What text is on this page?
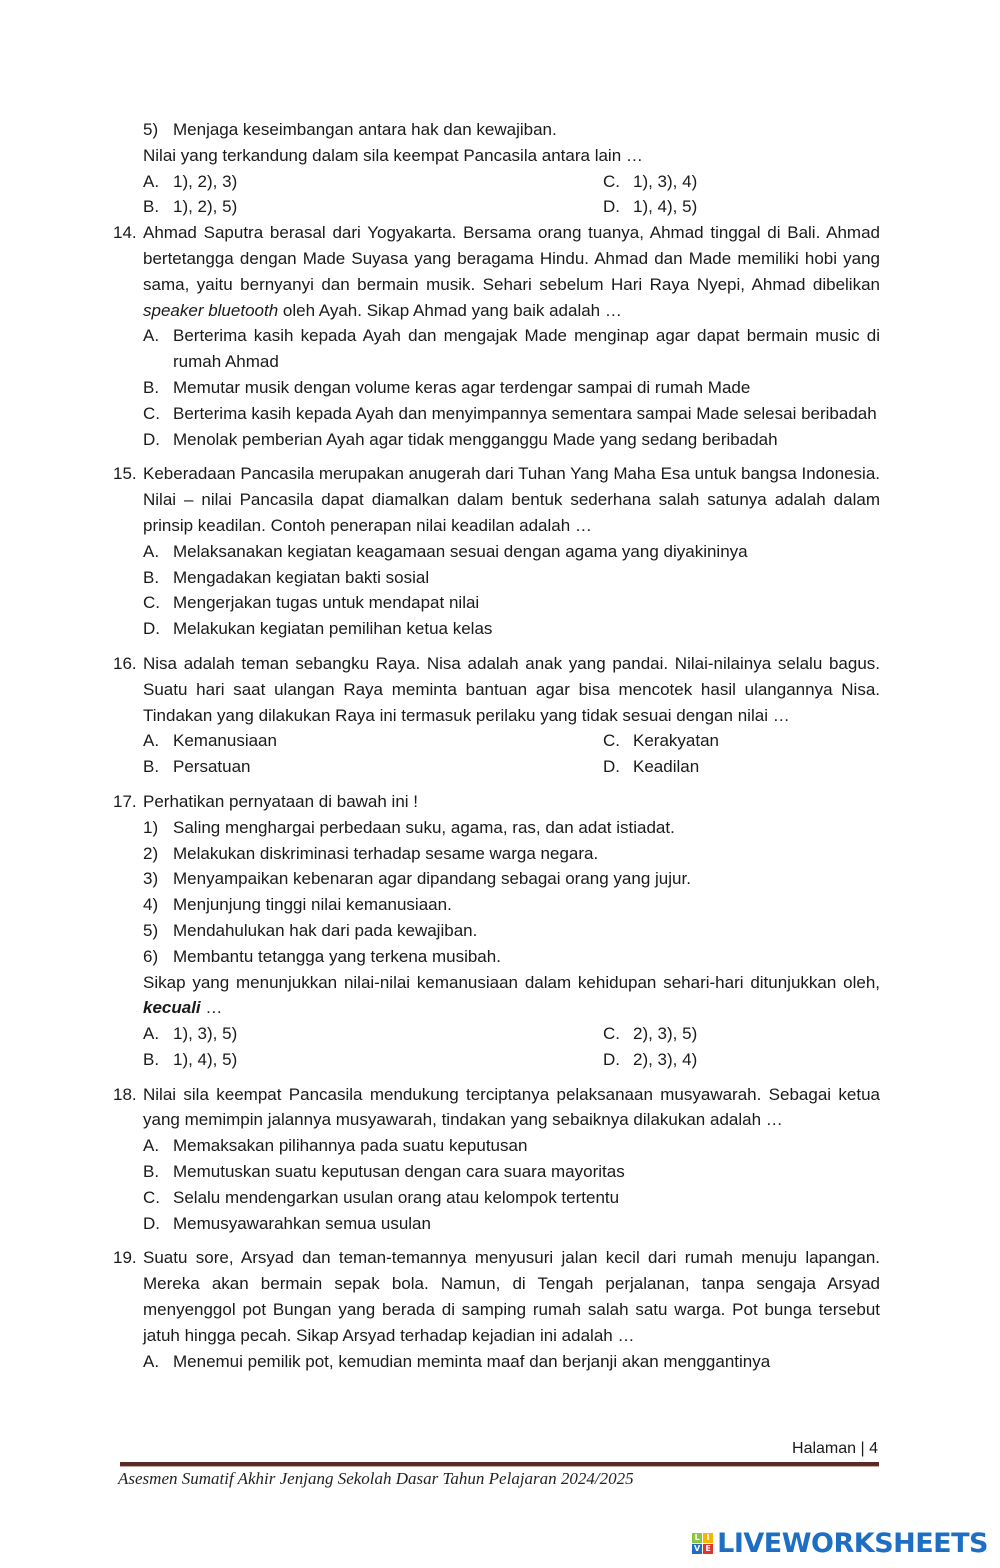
5) Menjaga keseimbangan antara hak dan kewajiban.
Nilai yang terkandung dalam sila keempat Pancasila antara lain …
A. 1), 2), 3)	C. 1), 3), 4)
B. 1), 2), 5)	D. 1), 4), 5)
14. Ahmad Saputra berasal dari Yogyakarta. Bersama orang tuanya, Ahmad tinggal di Bali. Ahmad bertetangga dengan Made Suyasa yang beragama Hindu. Ahmad dan Made memiliki hobi yang sama, yaitu bernyanyi dan bermain musik. Sehari sebelum Hari Raya Nyepi, Ahmad dibelikan speaker bluetooth oleh Ayah. Sikap Ahmad yang baik adalah …
A. Berterima kasih kepada Ayah dan mengajak Made menginap agar dapat bermain music di rumah Ahmad
B. Memutar musik dengan volume keras agar terdengar sampai di rumah Made
C. Berterima kasih kepada Ayah dan menyimpannya sementara sampai Made selesai beribadah
D. Menolak pemberian Ayah agar tidak mengganggu Made yang sedang beribadah
15. Keberadaan Pancasila merupakan anugerah dari Tuhan Yang Maha Esa untuk bangsa Indonesia. Nilai – nilai Pancasila dapat diamalkan dalam bentuk sederhana salah satunya adalah dalam prinsip keadilan. Contoh penerapan nilai keadilan adalah …
A. Melaksanakan kegiatan keagamaan sesuai dengan agama yang diyakininya
B. Mengadakan kegiatan bakti sosial
C. Mengerjakan tugas untuk mendapat nilai
D. Melakukan kegiatan pemilihan ketua kelas
16. Nisa adalah teman sebangku Raya. Nisa adalah anak yang pandai. Nilai-nilainya selalu bagus. Suatu hari saat ulangan Raya meminta bantuan agar bisa mencotek hasil ulangannya Nisa. Tindakan yang dilakukan Raya ini termasuk perilaku yang tidak sesuai dengan nilai …
A. Kemanusiaan	C. Kerakyatan
B. Persatuan	D. Keadilan
17. Perhatikan pernyataan di bawah ini !
1) Saling menghargai perbedaan suku, agama, ras, dan adat istiadat.
2) Melakukan diskriminasi terhadap sesame warga negara.
3) Menyampaikan kebenaran agar dipandang sebagai orang yang jujur.
4) Menjunjung tinggi nilai kemanusiaan.
5) Mendahulukan hak dari pada kewajiban.
6) Membantu tetangga yang terkena musibah.
Sikap yang menunjukkan nilai-nilai kemanusiaan dalam kehidupan sehari-hari ditunjukkan oleh, kecuali …
A. 1), 3), 5)	C. 2), 3), 5)
B. 1), 4), 5)	D. 2), 3), 4)
18. Nilai sila keempat Pancasila mendukung terciptanya pelaksanaan musyawarah. Sebagai ketua yang memimpin jalannya musyawarah, tindakan yang sebaiknya dilakukan adalah …
A. Memaksakan pilihannya pada suatu keputusan
B. Memutuskan suatu keputusan dengan cara suara mayoritas
C. Selalu mendengarkan usulan orang atau kelompok tertentu
D. Memusyawarahkan semua usulan
19. Suatu sore, Arsyad dan teman-temannya menyusuri jalan kecil dari rumah menuju lapangan. Mereka akan bermain sepak bola. Namun, di Tengah perjalanan, tanpa sengaja Arsyad menyenggol pot Bungan yang berada di samping rumah salah satu warga. Pot bunga tersebut jatuh hingga pecah. Sikap Arsyad terhadap kejadian ini adalah …
A. Menemui pemilik pot, kemudian meminta maaf dan berjanji akan menggantinya
Halaman | 4
Asesmen Sumatif Akhir Jenjang Sekolah Dasar Tahun Pelajaran 2024/2025
L I
V E LIVEWORKSHEETS
